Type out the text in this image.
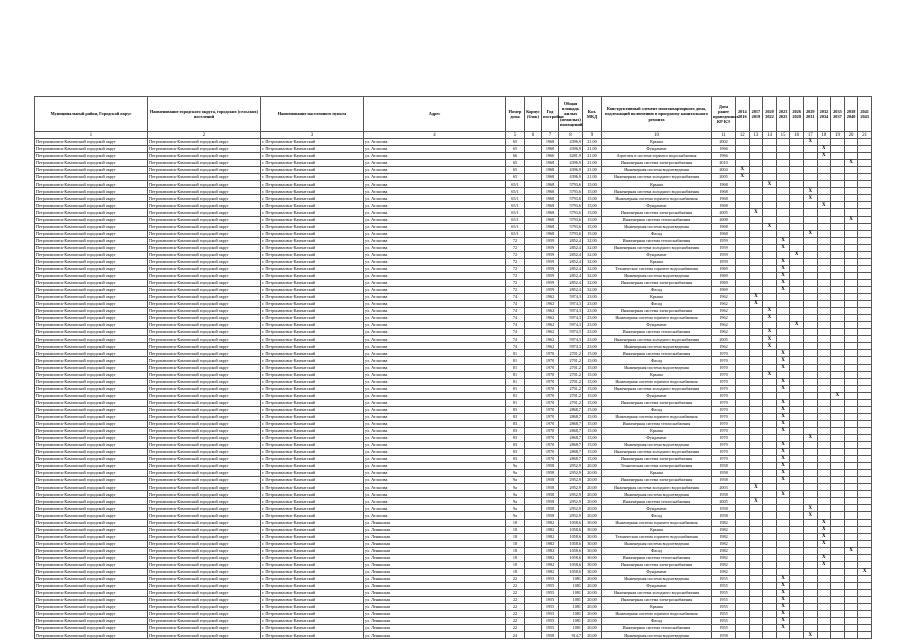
Муниципальный район, Городской округ	Наименование городского округа, городских (сельских) поселений	Наименование населенного пункта	Адрес	Номер дома	Корпус (блок)	Год постройки	Общая площадь жилых (нежилых) помещений	Кол. МКД	Конструктивный элемент многоквартирного дома, подлежащий включению в программу капитального ремонта	Дата ранее проведенных КР КЭ	2014 2016	2017 2019	2020 2022	2023 2025	2026 2028	2029 2031	2032 2034	2035 2037	2038 2040	2041 2043
1	2	3	4	5	6	7	8	9	10	11	12	13	14	15	16	17	18	19	20	21
Петропавловск-Камчатский городской округ	Петропавловск-Камчатский городской округ	г. Петропавловск-Камчатский	ул. Атласова	65		1968	4396,9	21,00	Крыша	2002						X				
Петропавловск-Камчатский городской округ	Петропавловск-Камчатский городской округ	г. Петропавловск-Камчатский	ул. Атласова	65		1968	4396,9	21,00	Фундамент	1966							X			
Петропавловск-Камчатский городской округ	Петропавловск-Камчатский городской округ	г. Петропавловск-Камчатский	ул. Атласова	66		1966	4281,9	21,00	Агрегаты в системе горячего водоснабжения	1966							X			
Петропавловск-Камчатский городской округ	Петропавловск-Камчатский городской округ	г. Петропавловск-Камчатский	ул. Атласова	65		1968	4396,9	21,00	Инженерная система электроснабжения	2010									X	
Петропавловск-Камчатский городской округ	Петропавловск-Камчатский городской округ	г. Петропавловск-Камчатский	ул. Атласова	65		1968	4396,9	21,00	Инженерная система водоотведения	2004	X									
Петропавловск-Камчатский городской округ	Петропавловск-Камчатский городской округ	г. Петропавловск-Камчатский	ул. Атласова	65		1968	4396,9	21,00	Инженерная система холодного водоснабжения	2005	X									
Петропавловск-Камчатский городской округ	Петропавловск-Камчатский городской округ	г. Петропавловск-Камчатский	ул. Атласова	65/1		1968	5793,6	15,00	Крыша	1968			X							
Петропавловск-Камчатский городской округ	Петропавловск-Камчатский городской округ	г. Петропавловск-Камчатский	ул. Атласова	65/1		1968	5793,6	15,00	Инженерная система холодного водоснабжения	1968						X				
Петропавловск-Камчатский городской округ	Петропавловск-Камчатский городской округ	г. Петропавловск-Камчатский	ул. Атласова	65/1		1968	5793,6	15,00	Инженерная система горячего водоснабжения	1968						X				
Петропавловск-Камчатский городской округ	Петропавловск-Камчатский городской округ	г. Петропавловск-Камчатский	ул. Атласова	65/1		1968	5793,6	15,00	Фундамент	1968							X			
Петропавловск-Камчатский городской округ	Петропавловск-Камчатский городской округ	г. Петропавловск-Камчатский	ул. Атласова	65/1		1968	5793,6	15,00	Инженерная система электроснабжения	2005		X								
Петропавловск-Камчатский городской округ	Петропавловск-Камчатский городской округ	г. Петропавловск-Камчатский	ул. Атласова	65/1		1968	5793,6	15,00	Инженерная система теплоснабжения	2008									X	
Петропавловск-Камчатский городской округ	Петропавловск-Камчатский городской округ	г. Петропавловск-Камчатский	ул. Атласова	65/1		1968	5793,6	15,00	Инженерная система водоотведения	1968			X							
Петропавловск-Камчатский городской округ	Петропавловск-Камчатский городской округ	г. Петропавловск-Камчатский	ул. Атласова	65/1		1968	5793,6	15,00	Фасад	1968						X				
Петропавловск-Камчатский городской округ	Петропавловск-Камчатский городской округ	г. Петропавловск-Камчатский	ул. Атласова	72		1959	2852,4	32,00	Инженерная система теплоснабжения	1959				X						
Петропавловск-Камчатский городской округ	Петропавловск-Камчатский городской округ	г. Петропавловск-Камчатский	ул. Атласова	72		1959	2852,4	32,00	Инженерная система холодного водоснабжения	1959				X						
Петропавловск-Камчатский городской округ	Петропавловск-Камчатский городской округ	г. Петропавловск-Камчатский	ул. Атласова	72		1959	2852,4	32,00	Фундамент	1959					X					
Петропавловск-Камчатский городской округ	Петропавловск-Камчатский городской округ	г. Петропавловск-Камчатский	ул. Атласова	72		1959	2852,4	32,00	Крыша	1959				X						
Петропавловск-Камчатский городской округ	Петропавловск-Камчатский городской округ	г. Петропавловск-Камчатский	ул. Атласова	72		1959	2852,4	32,00	Техническое система горячего водоснабжения	1969				X						
Петропавловск-Камчатский городской округ	Петропавловск-Камчатский городской округ	г. Петропавловск-Камчатский	ул. Атласова	72		1959	2852,4	32,00	Инженерная система водоотведения	1969				X						
Петропавловск-Камчатский городской округ	Петропавловск-Камчатский городской округ	г. Петропавловск-Камчатский	ул. Атласова	72		1959	2852,4	32,00	Инженерная система электроснабжения	1969				X						
Петропавловск-Камчатский городской округ	Петропавловск-Камчатский городской округ	г. Петропавловск-Камчатский	ул. Атласова	72		1959	2852,4	32,00	Фасад	1969				X						
Петропавловск-Камчатский городской округ	Петропавловск-Камчатский городской округ	г. Петропавловск-Камчатский	ул. Атласова	74		1962	5974,3	23,00	Крыша	1962		X								
Петропавловск-Камчатский городской округ	Петропавловск-Камчатский городской округ	г. Петропавловск-Камчатский	ул. Атласова	74		1962	5974,3	23,00	Фасад	1962		X								
Петропавловск-Камчатский городской округ	Петропавловск-Камчатский городской округ	г. Петропавловск-Камчатский	ул. Атласова	74		1962	5974,3	23,00	Инженерная система электроснабжения	1962			X							
Петропавловск-Камчатский городской округ	Петропавловск-Камчатский городской округ	г. Петропавловск-Камчатский	ул. Атласова	74		1962	5974,3	23,00	Инженерная система горячего водоснабжения	1962			X							
Петропавловск-Камчатский городской округ	Петропавловск-Камчатский городской округ	г. Петропавловск-Камчатский	ул. Атласова	74		1962	5974,3	23,00	Фундамент	1962					X					
Петропавловск-Камчатский городской округ	Петропавловск-Камчатский городской округ	г. Петропавловск-Камчатский	ул. Атласова	74		1962	5974,3	23,00	Инженерная система теплоснабжения	1962			X							
Петропавловск-Камчатский городской округ	Петропавловск-Камчатский городской округ	г. Петропавловск-Камчатский	ул. Атласова	74		1962	5974,3	23,00	Инженерная система холодного водоснабжения	2005			X							
Петропавловск-Камчатский городской округ	Петропавловск-Камчатский городской округ	г. Петропавловск-Камчатский	ул. Атласова	74		1962	5974,3	23,00	Инженерная система водоотведения	1962			X							
Петропавловск-Камчатский городской округ	Петропавловск-Камчатский городской округ	г. Петропавловск-Камчатский	ул. Атласова	81		1970	2701,2	15,00	Инженерная система теплоснабжения	1970				X						
Петропавловск-Камчатский городской округ	Петропавловск-Камчатский городской округ	г. Петропавловск-Камчатский	ул. Атласова	81		1970	2701,2	15,00	Фасад	1970				X						
Петропавловск-Камчатский городской округ	Петропавловск-Камчатский городской округ	г. Петропавловск-Камчатский	ул. Атласова	81		1970	2701,2	15,00	Инженерная система водоотведения	1970				X						
Петропавловск-Камчатский городской округ	Петропавловск-Камчатский городской округ	г. Петропавловск-Камчатский	ул. Атласова	81		1970	2701,2	15,00	Крыша	1970			X							
Петропавловск-Камчатский городской округ	Петропавловск-Камчатский городской округ	г. Петропавловск-Камчатский	ул. Атласова	81		1970	2701,2	15,00	Инженерная система горячего водоснабжения	1970				X						
Петропавловск-Камчатский городской округ	Петропавловск-Камчатский городской округ	г. Петропавловск-Камчатский	ул. Атласова	81		1970	2701,2	15,00	Инженерная система холодного водоснабжения	1970				X						
Петропавловск-Камчатский городской округ	Петропавловск-Камчатский городской округ	г. Петропавловск-Камчатский	ул. Атласова	81		1970	2701,2	15,00	Фундамент	1970								X		
Петропавловск-Камчатский городской округ	Петропавловск-Камчатский городской округ	г. Петропавловск-Камчатский	ул. Атласова	81		1970	2701,2	15,00	Инженерная система электроснабжения	1970				X						
Петропавловск-Камчатский городской округ	Петропавловск-Камчатский городской округ	г. Петропавловск-Камчатский	ул. Атласова	83		1970	2868,7	15,00	Фасад	1970				X						
Петропавловск-Камчатский городской округ	Петропавловск-Камчатский городской округ	г. Петропавловск-Камчатский	ул. Атласова	83		1970	2868,7	15,00	Инженерная система горячего водоснабжения	1970				X						
Петропавловск-Камчатский городской округ	Петропавловск-Камчатский городской округ	г. Петропавловск-Камчатский	ул. Атласова	83		1970	2868,7	15,00	Инженерная система теплоснабжения	1970				X						
Петропавловск-Камчатский городской округ	Петропавловск-Камчатский городской округ	г. Петропавловск-Камчатский	ул. Атласова	83		1970	2868,7	15,00	Крыша	1970				X						
Петропавловск-Камчатский городской округ	Петропавловск-Камчатский городской округ	г. Петропавловск-Камчатский	ул. Атласова	83		1970	2868,7	15,00	Фундамент	1970						X				
Петропавловск-Камчатский городской округ	Петропавловск-Камчатский городской округ	г. Петропавловск-Камчатский	ул. Атласова	83		1970	2868,7	15,00	Инженерная система водоотведения	1970				X						
Петропавловск-Камчатский городской округ	Петропавловск-Камчатский городской округ	г. Петропавловск-Камчатский	ул. Атласова	83		1970	2868,7	15,00	Инженерная система холодного водоснабжения	1970				X						
Петропавловск-Камчатский городской округ	Петропавловск-Камчатский городской округ	г. Петропавловск-Камчатский	ул. Атласова	83		1970	2868,7	15,00	Инженерная система электроснабжения	1970				X						
Петропавловск-Камчатский городской округ	Петропавловск-Камчатский городской округ	г. Петропавловск-Камчатский	ул. Атласова	9а		1958	2952,9	20,00	Техническая система электроснабжения	1958				X						
Петропавловск-Камчатский городской округ	Петропавловск-Камчатский городской округ	г. Петропавловск-Камчатский	ул. Атласова	9а		1958	2952,9	20,00	Крыша	1958				X						
Петропавловск-Камчатский городской округ	Петропавловск-Камчатский городской округ	г. Петропавловск-Камчатский	ул. Атласова	9а		1958	2952,9	20,00	Инженерная система электроснабжения	1958				X						
Петропавловск-Камчатский городской округ	Петропавловск-Камчатский городской округ	г. Петропавловск-Камчатский	ул. Атласова	9а		1958	2952,9	20,00	Инженерная система холодного водоснабжения	2003		X								
Петропавловск-Камчатский городской округ	Петропавловск-Камчатский городской округ	г. Петропавловск-Камчатский	ул. Атласова	9а		1958	2952,9	20,00	Инженерная система водоотведения	1958				X						
Петропавловск-Камчатский городской округ	Петропавловск-Камчатский городской округ	г. Петропавловск-Камчатский	ул. Атласова	9а		1958	2952,9	20,00	Инженерная система теплоснабжения	2005		X								
Петропавловск-Камчатский городской округ	Петропавловск-Камчатский городской округ	г. Петропавловск-Камчатский	ул. Атласова	9а		1958	2952,9	20,00	Фундамент	1958						X				
Петропавловск-Камчатский городской округ	Петропавловск-Камчатский городской округ	г. Петропавловск-Камчатский	ул. Атласова	9а		1958	2952,9	20,00	Фасад	1958						X				
Петропавловск-Камчатский городской округ	Петропавловск-Камчатский городской округ	г. Петропавловск-Камчатский	ул. Ленинская	18		1982	1058,6	30,00	Инженерная система горячего водоснабжения	1982							X			
Петропавловск-Камчатский городской округ	Петропавловск-Камчатский городской округ	г. Петропавловск-Камчатский	ул. Ленинская	18		1982	1058,6	30,00	Крыша	1982							X			
Петропавловск-Камчатский городской округ	Петропавловск-Камчатский городской округ	г. Петропавловск-Камчатский	ул. Ленинская	18		1982	1058,6	30,00	Техническая система горячего водоснабжения	1982							X			
Петропавловск-Камчатский городской округ	Петропавловск-Камчатский городской округ	г. Петропавловск-Камчатский	ул. Ленинская	18		1982	1058,6	30,00	Инженерная система водоотведения	1982							X			
Петропавловск-Камчатский городской округ	Петропавловск-Камчатский городской округ	г. Петропавловск-Камчатский	ул. Ленинская	18		1982	1058,6	30,00	Фасад	1982									X	
Петропавловск-Камчатский городской округ	Петропавловск-Камчатский городской округ	г. Петропавловск-Камчатский	ул. Ленинская	18		1982	1058,6	30,00	Инженерная система теплоснабжения	1982							X			
Петропавловск-Камчатский городской округ	Петропавловск-Камчатский городской округ	г. Петропавловск-Камчатский	ул. Ленинская	18		1982	1058,6	30,00	Инженерная система электроснабжения	1982							X			
Петропавловск-Камчатский городской округ	Петропавловск-Камчатский городской округ	г. Петропавловск-Камчатский	ул. Ленинская	18		1982	1058,6	30,00	Фундамент	1982										X
Петропавловск-Камчатский городской округ	Петропавловск-Камчатский городской округ	г. Петропавловск-Камчатский	ул. Ленинская	22		1955	1081	20,00	Инженерная система водоотведения	1955				X						
Петропавловск-Камчатский городской округ	Петропавловск-Камчатский городской округ	г. Петропавловск-Камчатский	ул. Ленинская	22		1955	1081	20,00	Фундамент	1955				X						
Петропавловск-Камчатский городской округ	Петропавловск-Камчатский городской округ	г. Петропавловск-Камчатский	ул. Ленинская	22		1955	1081	20,00	Инженерная система холодного водоснабжения	1955				X						
Петропавловск-Камчатский городской округ	Петропавловск-Камчатский городской округ	г. Петропавловск-Камчатский	ул. Ленинская	22		1955	1081	20,00	Инженерная система электроснабжения	1955				X						
Петропавловск-Камчатский городской округ	Петропавловск-Камчатский городской округ	г. Петропавловск-Камчатский	ул. Ленинская	22		1955	1081	20,00	Крыша	1955				X						
Петропавловск-Камчатский городской округ	Петропавловск-Камчатский городской округ	г. Петропавловск-Камчатский	ул. Ленинская	22		1955	1081	20,00	Инженерная система горячего водоснабжения	1955				X						
Петропавловск-Камчатский городской округ	Петропавловск-Камчатский городской округ	г. Петропавловск-Камчатский	ул. Ленинская	22		1955	1081	20,00	Фасад	1955				X						
Петропавловск-Камчатский городской округ	Петропавловск-Камчатский городской округ	г. Петропавловск-Камчатский	ул. Ленинская	22		1955	1081	20,00	Инженерная система теплоснабжения	1955				X						
Петропавловск-Камчатский городской округ	Петропавловск-Камчатский городской округ	г. Петропавловск-Камчатский	ул. Ленинская	24		1958	914,7	20,00	Инженерная система водоотведения	1958						X				
